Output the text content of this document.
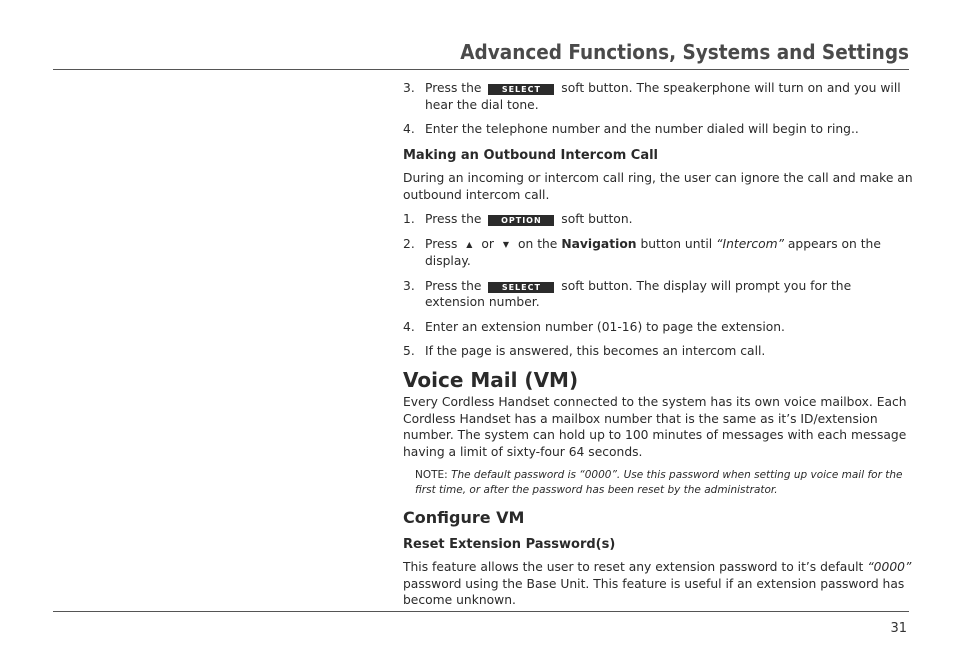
Advanced Functions, Systems and Settings
3. Press the	SELECT soft button. The speakerphone will turn on and you will hear the dial tone.
4. Enter the telephone number and the number dialed will begin to ring..
Making an Outbound Intercom Call

During an incoming or intercom call ring, the user can ignore the call and make an outbound intercom call.

1. Press the OPTION soft button.
2. Press ▲ or ▼ on the Navigation button until “Intercom” appears on the display.
3. Press the	SELECT soft button. The display will prompt you for the extension number.
4. Enter an extension number (01-16) to page the extension.
5. If the page is answered, this becomes an intercom call.
Voice Mail (VM)

Every Cordless Handset connected to the system has its own voice mailbox. Each Cordless Handset has a mailbox number that is the same as it’s ID/extension number. The system can hold up to 100 minutes of messages with each message having a limit of sixty-four 64 seconds.

NOTE: The default password is “0000”. Use this password when setting up voice mail for the first time, or after the password has been reset by the administrator.

Configure VM
Reset Extension Password(s)

This feature allows the user to reset any extension password to it’s default “0000” password using the Base Unit. This feature is useful if an extension password has become unknown.

31
